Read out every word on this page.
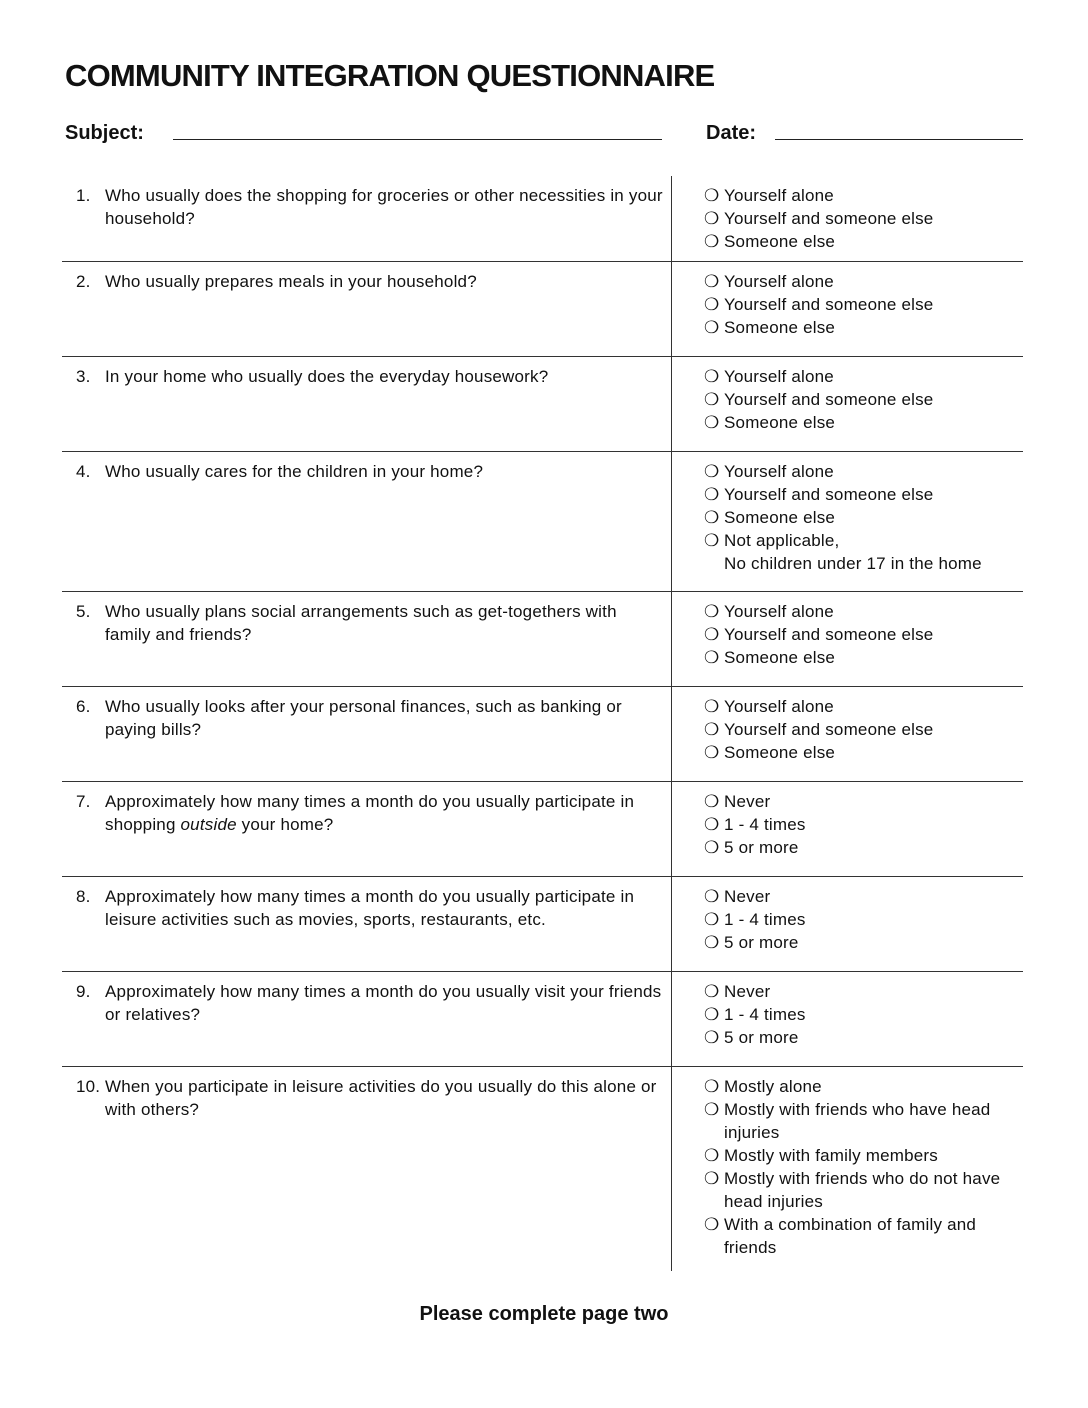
COMMUNITY INTEGRATION QUESTIONNAIRE
Subject:	Date:
1. Who usually does the shopping for groceries or other necessities in your household?
❍ Yourself alone
❍ Yourself and someone else
❍ Someone else
2. Who usually prepares meals in your household?	❍ Yourself alone
❍ Yourself and someone else
❍ Someone else
3. In your home who usually does the everyday housework?	❍ Yourself alone
❍ Yourself and someone else
❍ Someone else
4. Who usually cares for the children in your home?	❍ Yourself alone
❍ Yourself and someone else
❍ Someone else
❍ Not applicable,
No children under 17 in the home
5. Who usually plans social arrangements such as get-togethers with family and friends?
❍ Yourself alone
❍ Yourself and someone else
❍ Someone else
6. Who usually looks after your personal finances, such as banking or paying bills?
❍ Yourself alone
❍ Yourself and someone else
❍ Someone else
7. Approximately how many times a month do you usually participate in shopping outside your home?
❍ Never
❍ 1 - 4 times
❍ 5 or more
8. Approximately how many times a month do you usually participate in leisure activities such as movies, sports, restaurants, etc.
❍ Never
❍ 1 - 4 times
❍ 5 or more
9. Approximately how many times a month do you usually visit your friends or relatives?
❍ Never
❍ 1 - 4 times
❍ 5 or more
10. When you participate in leisure activities do you usually do this alone or with others?
❍ Mostly alone
❍ Mostly with friends who have head injuries
❍ Mostly with family members
❍ Mostly with friends who do not have head injuries
❍ With a combination of family and friends
Please complete page two
